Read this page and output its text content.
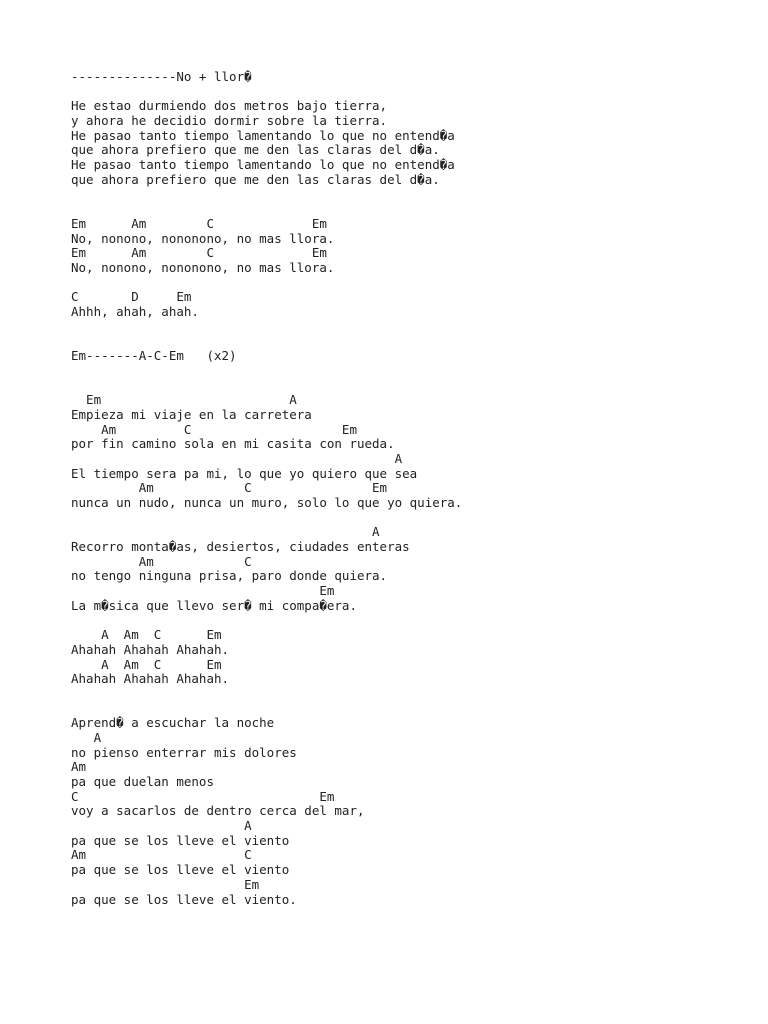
--------------No + llor�
He estao durmiendo dos metros bajo tierra,
y ahora he decidio dormir sobre la tierra.
He pasao tanto tiempo lamentando lo que no entend�a
que ahora prefiero que me den las claras del d�a.
He pasao tanto tiempo lamentando lo que no entend�a
que ahora prefiero que me den las claras del d�a.
Em      Am        C             Em
No, nonono, nononono, no mas llora.
Em      Am        C             Em
No, nonono, nononono, no mas llora.
C       D     Em
Ahhh, ahah, ahah.
Em-------A-C-Em   (x2)
Em                         A
Empieza mi viaje en la carretera
Am         C                    Em
por fin camino sola en mi casita con rueda.
A
El tiempo sera pa mi, lo que yo quiero que sea
Am            C                Em
nunca un nudo, nunca un muro, solo lo que yo quiera.
A
Recorro monta�as, desiertos, ciudades enteras
Am            C
no tengo ninguna prisa, paro donde quiera.
Em
La m�sica que llevo ser� mi compa�era.
A  Am  C      Em
Ahahah Ahahah Ahahah.
A  Am  C      Em
Ahahah Ahahah Ahahah.
Aprend� a escuchar la noche
A
no pienso enterrar mis dolores
Am
pa que duelan menos
C                                Em
voy a sacarlos de dentro cerca del mar,
A
pa que se los lleve el viento
Am                     C
pa que se los lleve el viento
Em
pa que se los lleve el viento.
